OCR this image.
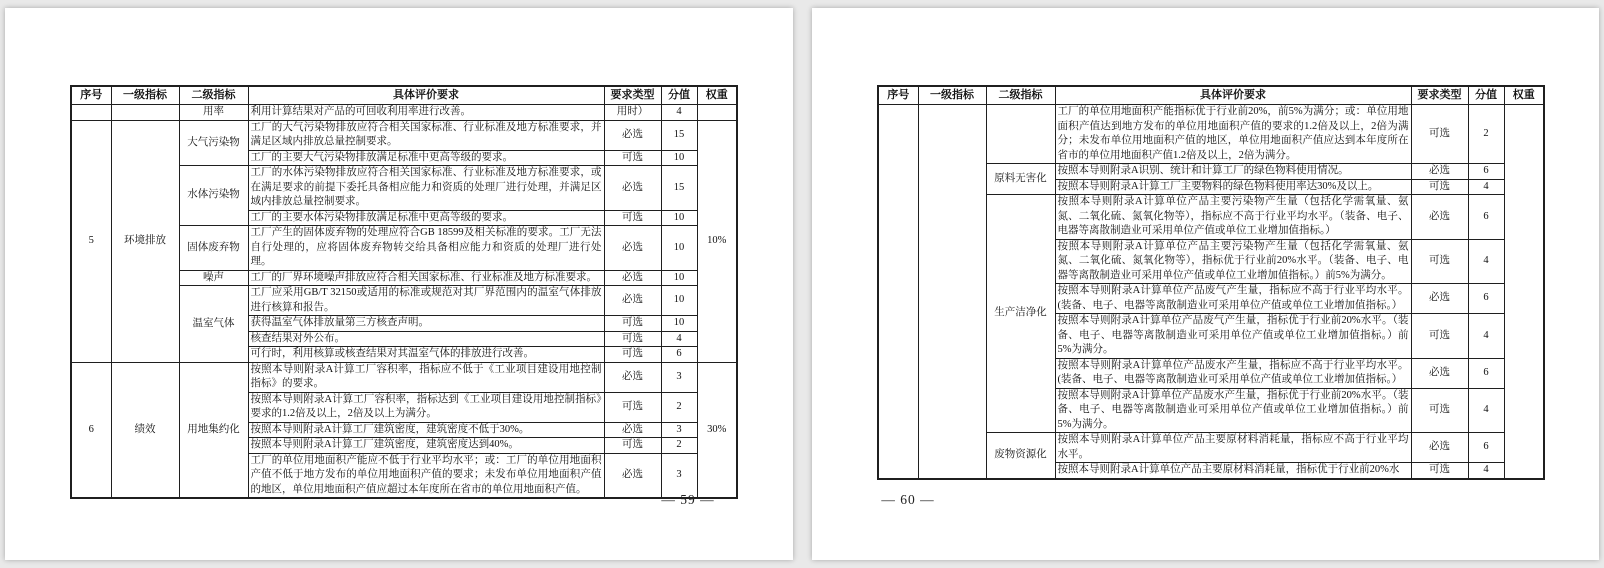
序号	一级指标	二级指标	具体评价要求	要求类型	分值	权重
		用率	利用计算结果对产品的可回收利用率进行改善。	用时）	4	
5	环境排放	大气污染物	工厂的大气污染物排放应符合相关国家标准、行业标准及地方标准要求，并满足区域内排放总量控制要求。	必选	15	10%
			工厂的主要大气污染物排放满足标准中更高等级的要求。	可选	10	
		水体污染物	工厂的水体污染物排放应符合相关国家标准、行业标准及地方标准要求，或在满足要求的前提下委托具备相应能力和资质的处理厂进行处理，并满足区域内排放总量控制要求。	必选	15	
			工厂的主要水体污染物排放满足标准中更高等级的要求。	可选	10	
		固体废弃物	工厂产生的固体废弃物的处理应符合GB 18599及相关标准的要求。工厂无法自行处理的，应将固体废弃物转交给具备相应能力和资质的处理厂进行处理。	必选	10	
		噪声	工厂的厂界环境噪声排放应符合相关国家标准、行业标准及地方标准要求。	必选	10	
		温室气体	工厂应采用GB/T 32150或适用的标准或规范对其厂界范围内的温室气体排放进行核算和报告。	必选	10	
			获得温室气体排放量第三方核查声明。	可选	10	
			核查结果对外公布。	可选	4	
			可行时，利用核算或核查结果对其温室气体的排放进行改善。	可选	6	
6	绩效	用地集约化	按照本导则附录A计算工厂容积率，指标应不低于《工业项目建设用地控制指标》的要求。	必选	3	30%
			按照本导则附录A计算工厂容积率，指标达到《工业项目建设用地控制指标》要求的1.2倍及以上，2倍及以上为满分。	可选	2	
			按照本导则附录A计算工厂建筑密度，建筑密度不低于30%。	必选	3	
			按照本导则附录A计算工厂建筑密度，建筑密度达到40%。	可选	2	
			工厂的单位用地面积产能应不低于行业平均水平；或：工厂的单位用地面积产值不低于地方发布的单位用地面积产值的要求；未发布单位用地面积产值的地区，单位用地面积产值应超过本年度所在省市的单位用地面积产值。	必选	3	
— 59 —
序号	一级指标	二级指标	具体评价要求	要求类型	分值	权重
			工厂的单位用地面积产能指标优于行业前20%，前5%为满分；或：单位用地面积产值达到地方发布的单位用地面积产值的要求的1.2倍及以上，2倍为满分；未发布单位用地面积产值的地区，单位用地面积产值应达到本年度所在省市的单位用地面积产值1.2倍及以上，2倍为满分。	可选	2	
		原料无害化	按照本导则附录A识别、统计和计算工厂的绿色物料使用情况。	必选	6	
			按照本导则附录A计算工厂主要物料的绿色物料使用率达30%及以上。	可选	4	
		生产洁净化	按照本导则附录A计算单位产品主要污染物产生量（包括化学需氧量、氨氮、二氧化硫、氮氧化物等），指标应不高于行业平均水平。（装备、电子、电器等离散制造业可采用单位产值或单位工业增加值指标。）	必选	6	
			按照本导则附录A计算单位产品主要污染物产生量（包括化学需氧量、氨氮、二氧化硫、氮氧化物等），指标优于行业前20%水平。（装备、电子、电器等离散制造业可采用单位产值或单位工业增加值指标。）前5%为满分。	可选	4	
			按照本导则附录A计算单位产品废气产生量，指标应不高于行业平均水平。(装备、电子、电器等离散制造业可采用单位产值或单位工业增加值指标。）	必选	6	
			按照本导则附录A计算单位产品废气产生量，指标优于行业前20%水平。（装备、电子、电器等离散制造业可采用单位产值或单位工业增加值指标。）前5%为满分。	可选	4	
			按照本导则附录A计算单位产品废水产生量，指标应不高于行业平均水平。(装备、电子、电器等离散制造业可采用单位产值或单位工业增加值指标。）	必选	6	
			按照本导则附录A计算单位产品废水产生量，指标优于行业前20%水平。（装备、电子、电器等离散制造业可采用单位产值或单位工业增加值指标。）前5%为满分。	可选	4	
		废物资源化	按照本导则附录A计算单位产品主要原材料消耗量，指标应不高于行业平均水平。	必选	6	
			按照本导则附录A计算单位产品主要原材料消耗量，指标优于行业前20%水	可选	4	
— 60 —
